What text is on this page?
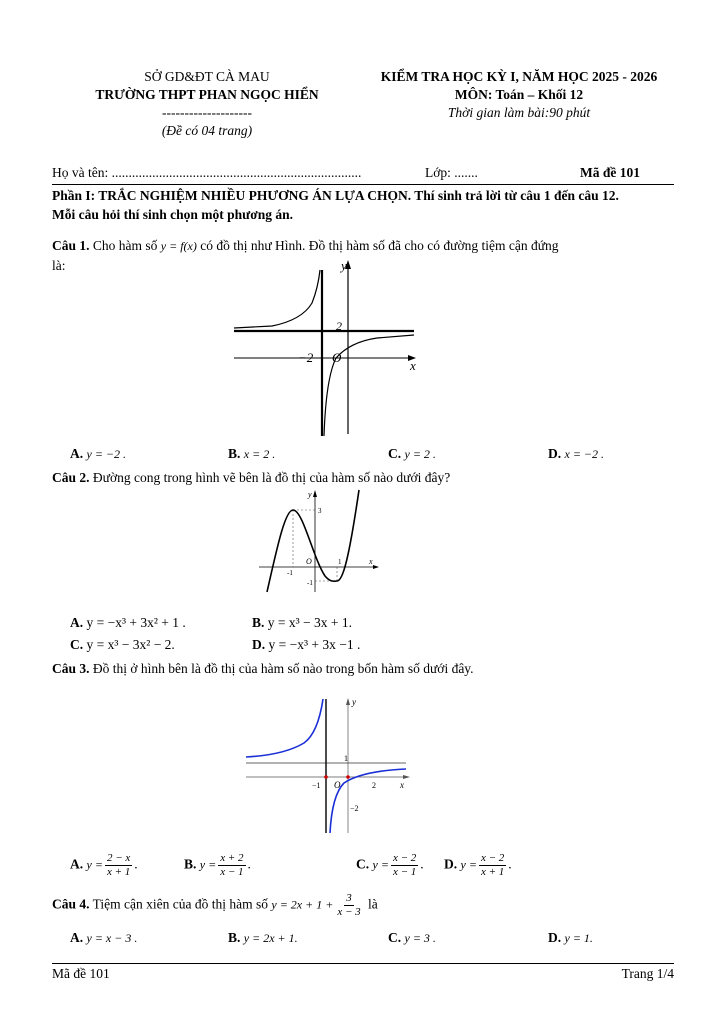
SỞ GD&ĐT CÀ MAU
TRƯỜNG THPT PHAN NGỌC HIỂN
--------------------
(Đề có 04 trang)
KIỂM TRA HỌC KỲ I, NĂM HỌC 2025 - 2026
MÔN: Toán – Khối 12
Thời gian làm bài:90 phút
Họ và tên: ..........................................................................	Lớp: .......	Mã đề 101
Phần I: TRẮC NGHIỆM NHIỀU PHƯƠNG ÁN LỰA CHỌN. Thí sinh trả lời từ câu 1 đến câu 12.
Mỗi câu hỏi thí sinh chọn một phương án.
Câu 1. Cho hàm số y = f(x) có đồ thị như Hình. Đồ thị hàm số đã cho có đường tiệm cận đứng
là:	y
x
O
−2
2
A. y = −2 .	B. x = 2 .	C. y = 2 .	D. x = −2 .
Câu 2. Đường cong trong hình vẽ bên là đồ thị của hàm số nào dưới đây?
y
x
O
3
-1
1
-1
A. y = −x³ + 3x² + 1 .	B. y = x³ − 3x + 1.
C. y = x³ − 3x² − 2.	D. y = −x³ + 3x −1 .
Câu 3. Đồ thị ở hình bên là đồ thị của hàm số nào trong bốn hàm số dưới đây.
y
x
O
1
−1	2
−2
A. $y = \frac{2 - x}{x + 1}$ .	B. $y = \frac{x + 2}{x - 1}$ .	C. $y = \frac{x - 2}{x - 1}$ . D. $y = \frac{x - 2}{x + 1}$ .
Câu 4. Tiệm cận xiên của đồ thị hàm số $y = 2x + 1 + \frac{3}{x - 3}$ là
A. y = x − 3 .	B. y = 2x + 1.	C. y = 3 .	D. y = 1.
Mã đề 101	Trang 1/4
